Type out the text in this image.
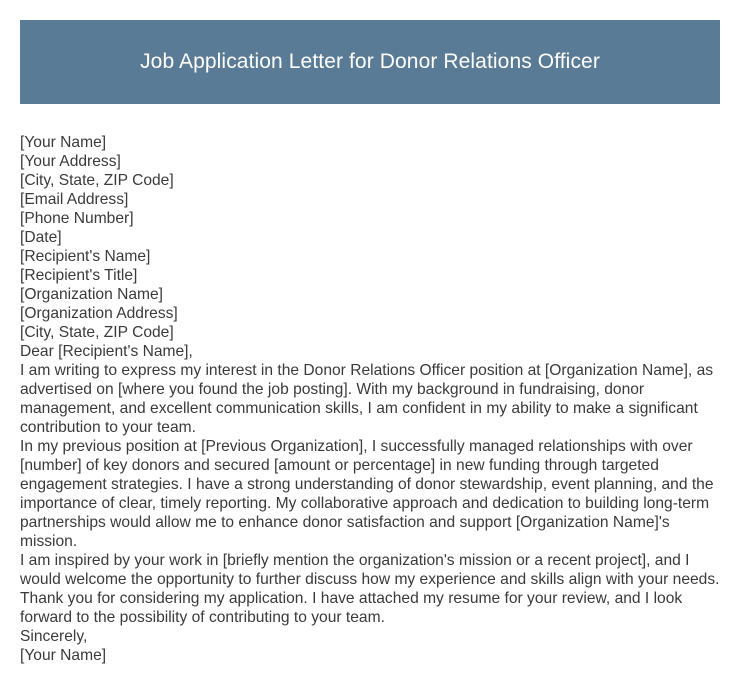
Job Application Letter for Donor Relations Officer
[Your Name]
[Your Address]
[City, State, ZIP Code]
[Email Address]
[Phone Number]
[Date]
[Recipient's Name]
[Recipient's Title]
[Organization Name]
[Organization Address]
[City, State, ZIP Code]
Dear [Recipient's Name],
I am writing to express my interest in the Donor Relations Officer position at [Organization Name], as advertised on [where you found the job posting]. With my background in fundraising, donor management, and excellent communication skills, I am confident in my ability to make a significant contribution to your team.
In my previous position at [Previous Organization], I successfully managed relationships with over [number] of key donors and secured [amount or percentage] in new funding through targeted engagement strategies. I have a strong understanding of donor stewardship, event planning, and the importance of clear, timely reporting. My collaborative approach and dedication to building long-term partnerships would allow me to enhance donor satisfaction and support [Organization Name]'s mission.
I am inspired by your work in [briefly mention the organization's mission or a recent project], and I would welcome the opportunity to further discuss how my experience and skills align with your needs. Thank you for considering my application. I have attached my resume for your review, and I look forward to the possibility of contributing to your team.
Sincerely,
[Your Name]
